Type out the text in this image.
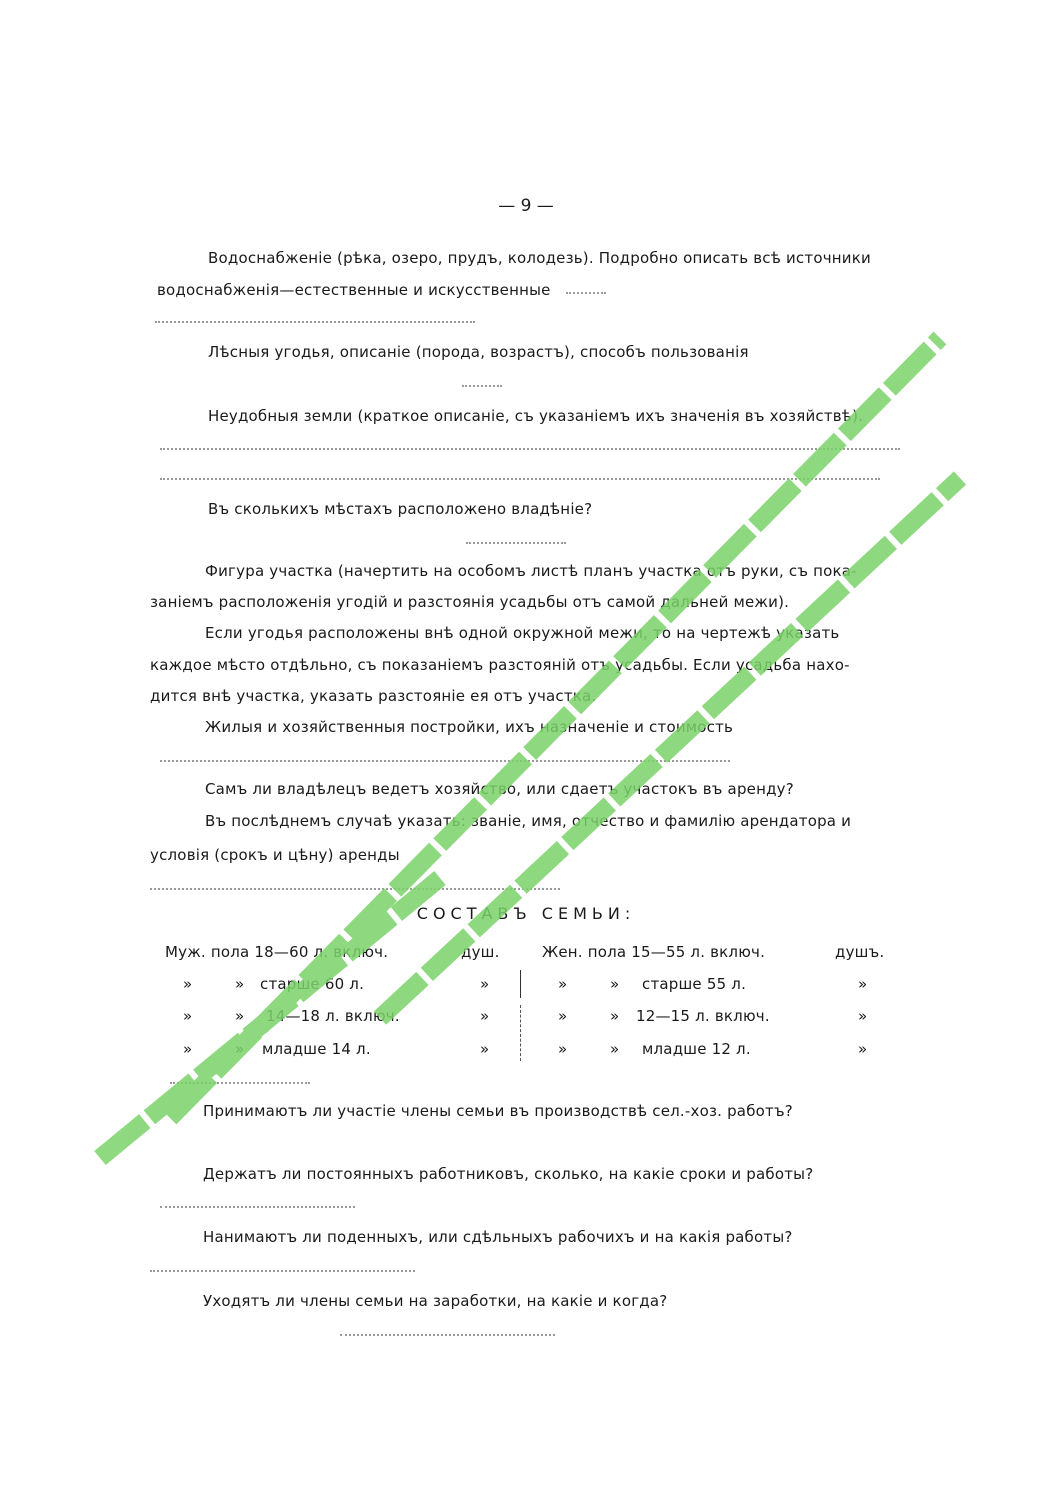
— 9 —
Водоснабженіе (рѣка, озеро, прудъ, колодезь). Подробно описать всѣ источники
водоснабженія—естественные и искусственные
Лѣсныя угодья, описаніе (порода, возрастъ), способъ пользованія
Неудобныя земли (краткое описаніе, съ указаніемъ ихъ значенія въ хозяйствѣ).
Въ сколькихъ мѣстахъ расположено владѣніе?
Фигура участка (начертить на особомъ листѣ планъ участка отъ руки, съ пока-
заніемъ расположенія угодій и разстоянія усадьбы отъ самой дальней межи).
Если угодья расположены внѣ одной окружной межи, то на чертежѣ указать
каждое мѣсто отдѣльно, съ показаніемъ разстояній отъ усадьбы. Если усадьба нахо-
дится внѣ участка, указать разстояніе ея отъ участка.
Жилыя и хозяйственныя постройки, ихъ назначеніе и стоимость
Самъ ли владѣлецъ ведетъ хозяйство, или сдаетъ участокъ въ аренду?
Въ послѣднемъ случаѣ указать: званіе, имя, отчество и фамилію арендатора и
условія (срокъ и цѣну) аренды
СОСТАВЪ СЕМЬИ:
Муж. пола 18—60 л. включ.	душ.	Жен. пола 15—55 л. включ.	душъ.
»	» старше 60 л.	»	»	» старше 55 л.	»
»	» 14—18 л. включ.	»	»	» 12—15 л. включ.	»
»	» младше 14 л.	»	»	» младше 12 л.	»
Принимаютъ ли участіе члены семьи въ производствѣ сел.-хоз. работъ?
Держатъ ли постоянныхъ работниковъ, сколько, на какіе сроки и работы?
Нанимаютъ ли поденныхъ, или сдѣльныхъ рабочихъ и на какія работы?
Уходятъ ли члены семьи на заработки, на какіе и когда?
